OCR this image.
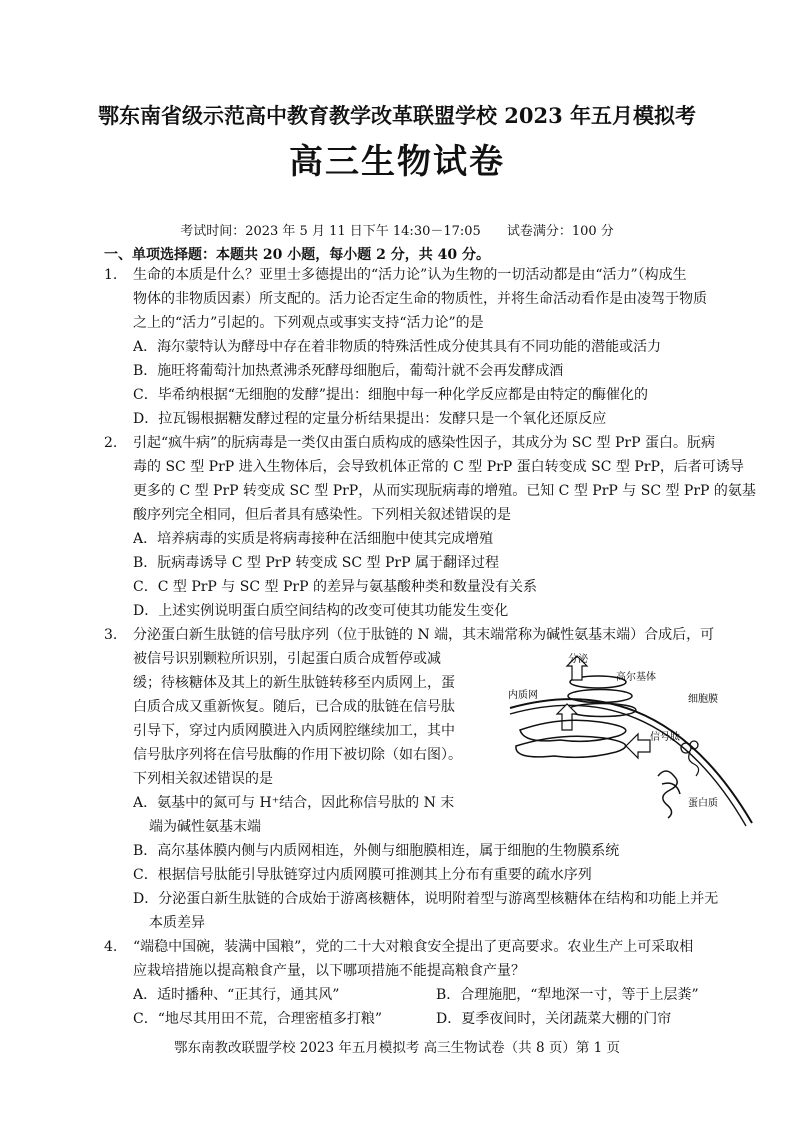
鄂东南省级示范高中教育教学改革联盟学校 2023 年五月模拟考
高三生物试卷
考试时间：2023 年 5 月 11 日下午 14:30－17:05　　试卷满分：100 分
一、单项选择题：本题共 20 小题，每小题 2 分，共 40 分。
1. 生命的本质是什么？亚里士多德提出的“活力论”认为生物的一切活动都是由“活力”（构成生
物体的非物质因素）所支配的。活力论否定生命的物质性，并将生命活动看作是由凌驾于物质
之上的“活力”引起的。下列观点或事实支持“活力论”的是
A．海尔蒙特认为酵母中存在着非物质的特殊活性成分使其具有不同功能的潜能或活力
B．施旺将葡萄汁加热煮沸杀死酵母细胞后，葡萄汁就不会再发酵成酒
C．毕希纳根据“无细胞的发酵”提出：细胞中每一种化学反应都是由特定的酶催化的
D．拉瓦锡根据糖发酵过程的定量分析结果提出：发酵只是一个氧化还原反应
2. 引起“疯牛病”的朊病毒是一类仅由蛋白质构成的感染性因子，其成分为 SC 型 PrP 蛋白。朊病
毒的 SC 型 PrP 进入生物体后，会导致机体正常的 C 型 PrP 蛋白转变成 SC 型 PrP，后者可诱导
更多的 C 型 PrP 转变成 SC 型 PrP，从而实现朊病毒的增殖。已知 C 型 PrP 与 SC 型 PrP 的氨基
酸序列完全相同，但后者具有感染性。下列相关叙述错误的是
A．培养病毒的实质是将病毒接种在活细胞中使其完成增殖
B．朊病毒诱导 C 型 PrP 转变成 SC 型 PrP 属于翻译过程
C．C 型 PrP 与 SC 型 PrP 的差异与氨基酸种类和数量没有关系
D．上述实例说明蛋白质空间结构的改变可使其功能发生变化
3. 分泌蛋白新生肽链的信号肽序列（位于肽链的 N 端，其末端常称为碱性氨基末端）合成后，可
被信号识别颗粒所识别，引起蛋白质合成暂停或减
缓；待核糖体及其上的新生肽链转移至内质网上，蛋
白质合成又重新恢复。随后，已合成的肽链在信号肽
引导下，穿过内质网膜进入内质网腔继续加工，其中
信号肽序列将在信号肽酶的作用下被切除（如右图）。
下列相关叙述错误的是
A．氨基中的氮可与 H⁺结合，因此称信号肽的 N 末
端为碱性氨基末端
B．高尔基体膜内侧与内质网相连，外侧与细胞膜相连，属于细胞的生物膜系统
C．根据信号肽能引导肽链穿过内质网膜可推测其上分布有重要的疏水序列
D．分泌蛋白新生肽链的合成始于游离核糖体，说明附着型与游离型核糖体在结构和功能上并无
本质差异
分泌
高尔基体
内质网	细胞膜
信号肽
蛋白质
4. “端稳中国碗，装满中国粮”，党的二十大对粮食安全提出了更高要求。农业生产上可采取相
应栽培措施以提高粮食产量，以下哪项措施不能提高粮食产量？
A．适时播种、“正其行，通其风”	B．合理施肥，“犁地深一寸，等于上层粪”
C．“地尽其用田不荒，合理密植多打粮”	D．夏季夜间时，关闭蔬菜大棚的门帘
鄂东南教改联盟学校 2023 年五月模拟考 高三生物试卷（共 8 页）第 1 页
